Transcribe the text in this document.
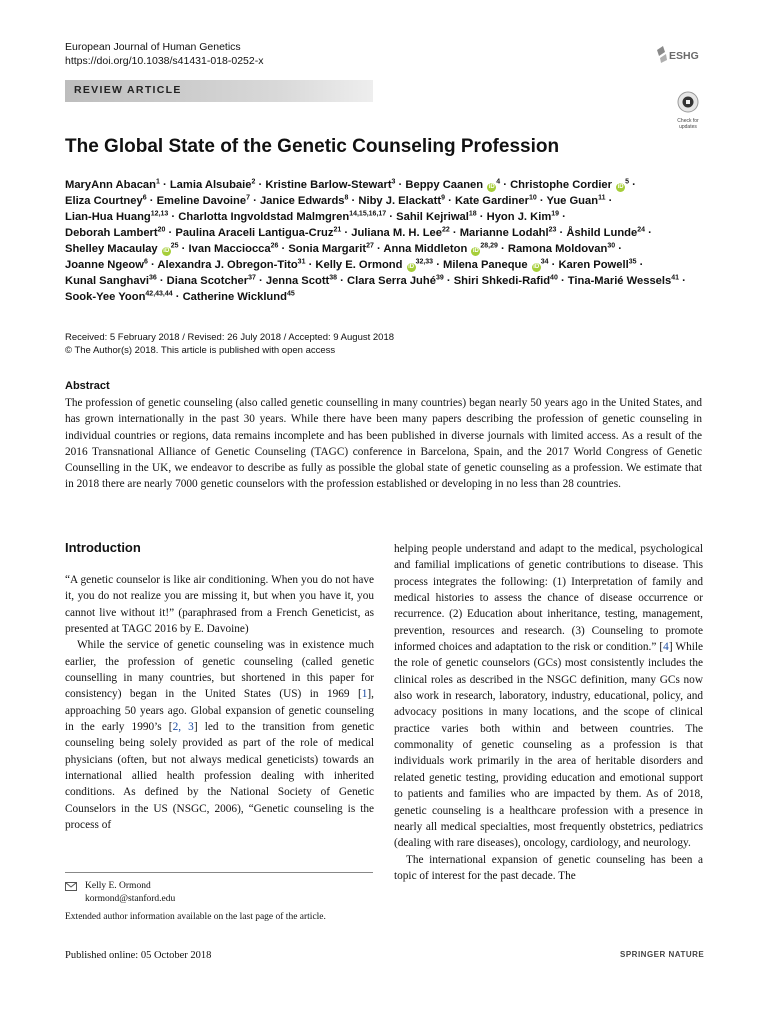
European Journal of Human Genetics
https://doi.org/10.1038/s41431-018-0252-x	ESHG
REVIEW ARTICLE
Check for updates
The Global State of the Genetic Counseling Profession
MaryAnn Abacan$^1$ · Lamia Alsubaie$^2$ · Kristine Barlow-Stewart$^3$ · Beppy Caanen $iD^4$ · Christophe Cordier $iD^5$ ·
Eliza Courtney$^6$ · Emeline Davoine$^7$ · Janice Edwards$^8$ · Niby J. Elackatt$^9$ · Kate Gardiner$^{10}$ · Yue Guan$^{11}$ ·
Lian-Hua Huang$^{12,13}$ · Charlotta Ingvoldstad Malmgren$^{14,15,16,17}$ · Sahil Kejriwal$^{18}$ · Hyon J. Kim$^{19}$ ·
Deborah Lambert$^{20}$ · Paulina Araceli Lantigua-Cruz$^{21}$ · Juliana M. H. Lee$^{22}$ · Marianne Lodahl$^{23}$ · Åshild Lunde$^{24}$ ·
Shelley Macaulay $iD^{25}$ · Ivan Macciocca$^{26}$ · Sonia Margarit$^{27}$ · Anna Middleton iD$^{28,29}$ · Ramona Moldovan$^{30}$ ·
Joanne Ngeow$^6$ · Alexandra J. Obregon-Tito$^{31}$ · Kelly E. Ormond iD$^{32,33}$ · Milena Paneque $iD^{34}$ · Karen Powell$^{35}$ ·
Kunal Sanghavi$^{36}$ · Diana Scotcher$^{37}$ · Jenna Scott$^{38}$ · Clara Serra Juhé$^{39}$ · Shiri Shkedi-Rafid$^{40}$ · Tina-Marié Wessels$^{41}$ ·
Sook-Yee Yoon$^{42,43,44}$ · Catherine Wicklund$^{45}$
Received: 5 February 2018 / Revised: 26 July 2018 / Accepted: 9 August 2018
© The Author(s) 2018. This article is published with open access
Abstract
The profession of genetic counseling (also called genetic counselling in many countries) began nearly 50 years ago in the United States, and has grown internationally in the past 30 years. While there have been many papers describing the profession of genetic counseling in individual countries or regions, data remains incomplete and has been published in diverse journals with limited access. As a result of the 2016 Transnational Alliance of Genetic Counseling (TAGC) conference in Barcelona, Spain, and the 2017 World Congress of Genetic Counselling in the UK, we endeavor to describe as fully as possible the global state of genetic counseling as a profession. We estimate that in 2018 there are nearly 7000 genetic counselors with the profession established or developing in no less than 28 countries.
Introduction

“A genetic counselor is like air conditioning. When you do not have it, you do not realize you are missing it, but when you have it, you cannot live without it!” (paraphrased from a French Geneticist, as presented at TAGC 2016 by E. Davoine)

While the service of genetic counseling was in existence much earlier, the profession of genetic counseling (called genetic counselling in many countries, but shortened in this paper for consistency) began in the United States (US) in 1969 [1], approaching 50 years ago. Global expansion of genetic counseling in the early 1990’s [2, 3] led to the transition from genetic counseling being solely provided as part of the role of medical physicians (often, but not always medical geneticists) towards an international allied health profession dealing with inherited conditions. As defined by the National Society of Genetic Counselors in the US (NSGC, 2006), “Genetic counseling is the process of

helping people understand and adapt to the medical, psychological and familial implications of genetic contributions to disease. This process integrates the following: (1) Interpretation of family and medical histories to assess the chance of disease occurrence or recurrence. (2) Education about inheritance, testing, management, prevention, resources and research. (3) Counseling to promote informed choices and adaptation to the risk or condition.” [4] While the role of genetic counselors (GCs) most consistently includes the clinical roles as described in the NSGC definition, many GCs now also work in research, laboratory, industry, educational, policy, and advocacy positions in many locations, and the scope of clinical practice varies both within and between countries. The commonality of genetic counseling as a profession is that individuals work primarily in the area of heritable disorders and related genetic testing, providing education and emotional support to patients and families who are impacted by them. As of 2018, genetic counseling is a healthcare profession with a presence in nearly all medical specialties, most frequently obstetrics, pediatrics (dealing with rare diseases), oncology, cardiology, and neurology.

The international expansion of genetic counseling has been a topic of interest for the past decade. The

Kelly E. Ormond
kormond@stanford.edu
Extended author information available on the last page of the article.
Published online: 05 October 2018	SPRINGER NATURE
